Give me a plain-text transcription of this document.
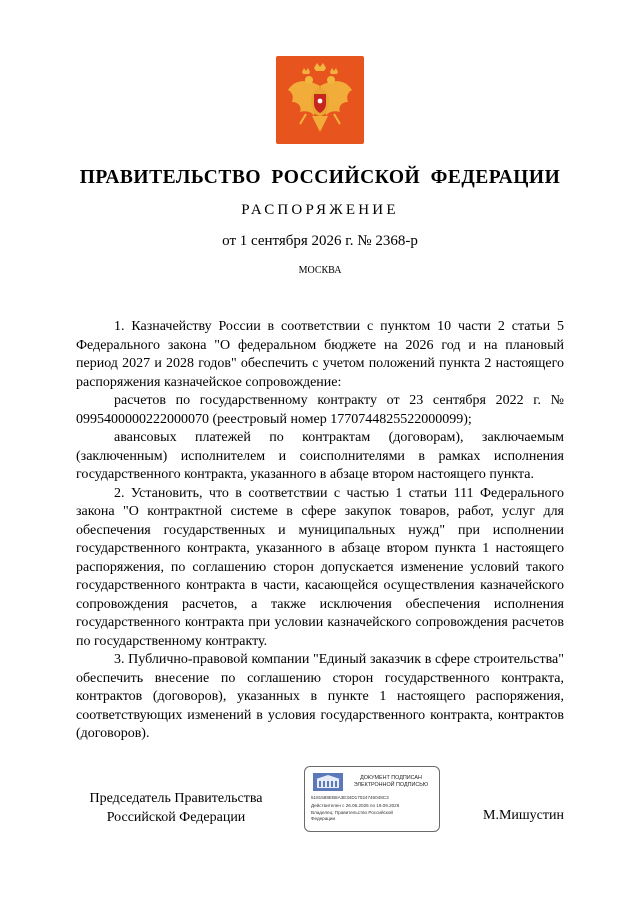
ПРАВИТЕЛЬСТВО РОССИЙСКОЙ ФЕДЕРАЦИИ
РАСПОРЯЖЕНИЕ
от 1 сентября 2026 г. № 2368-р
МОСКВА

1. Казначейству России в соответствии с пунктом 10 части 2 статьи 5 Федерального закона "О федеральном бюджете на 2026 год и на плановый период 2027 и 2028 годов" обеспечить с учетом положений пункта 2 настоящего распоряжения казначейское сопровождение:

расчетов по государственному контракту от 23 сентября 2022 г. № 0995400000222000070 (реестровый номер 1770744825522000099);

авансовых платежей по контрактам (договорам), заключаемым (заключенным) исполнителем и соисполнителями в рамках исполнения государственного контракта, указанного в абзаце втором настоящего пункта.

2. Установить, что в соответствии с частью 1 статьи 111 Федерального закона "О контрактной системе в сфере закупок товаров, работ, услуг для обеспечения государственных и муниципальных нужд" при исполнении государственного контракта, указанного в абзаце втором пункта 1 настоящего распоряжения, по соглашению сторон допускается изменение условий такого государственного контракта в части, касающейся осуществления казначейского сопровождения расчетов, а также исключения обеспечения исполнения государственного контракта при условии казначейского сопровождения расчетов по государственному контракту.

3. Публично-правовой компании "Единый заказчик в сфере строительства" обеспечить внесение по соглашению сторон государственного контракта, контрактов (договоров), указанных в пункте 1 настоящего распоряжения, соответствующих изменений в условия государственного контракта, контрактов (договоров).

Председатель Правительства
Российской Федерации
ДОКУМЕНТ ПОДПИСАН
ЭЛЕКТРОННОЙ ПОДПИСЬЮ
5181588EB8A3E34D17024746048C3
Действителен с 26.06.2025 по 19.09.2026
Владелец: Правительство Российской
Федерации	М.Мишустин
